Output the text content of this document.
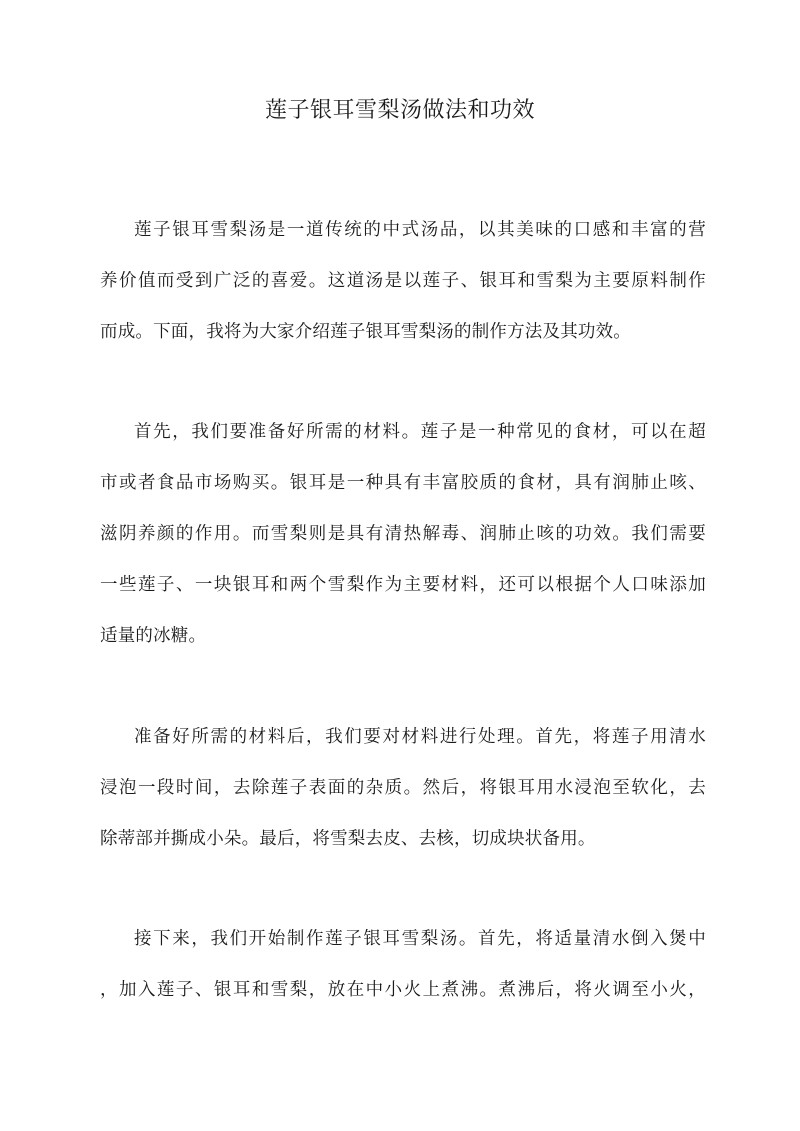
莲子银耳雪梨汤做法和功效
莲子银耳雪梨汤是一道传统的中式汤品，以其美味的口感和丰富的营
养价值而受到广泛的喜爱。这道汤是以莲子、银耳和雪梨为主要原料制作
而成。下面，我将为大家介绍莲子银耳雪梨汤的制作方法及其功效。
首先，我们要准备好所需的材料。莲子是一种常见的食材，可以在超
市或者食品市场购买。银耳是一种具有丰富胶质的食材，具有润肺止咳、
滋阴养颜的作用。而雪梨则是具有清热解毒、润肺止咳的功效。我们需要
一些莲子、一块银耳和两个雪梨作为主要材料，还可以根据个人口味添加
适量的冰糖。
准备好所需的材料后，我们要对材料进行处理。首先，将莲子用清水
浸泡一段时间，去除莲子表面的杂质。然后，将银耳用水浸泡至软化，去
除蒂部并撕成小朵。最后，将雪梨去皮、去核，切成块状备用。
接下来，我们开始制作莲子银耳雪梨汤。首先，将适量清水倒入煲中
，加入莲子、银耳和雪梨，放在中小火上煮沸。煮沸后，将火调至小火，
